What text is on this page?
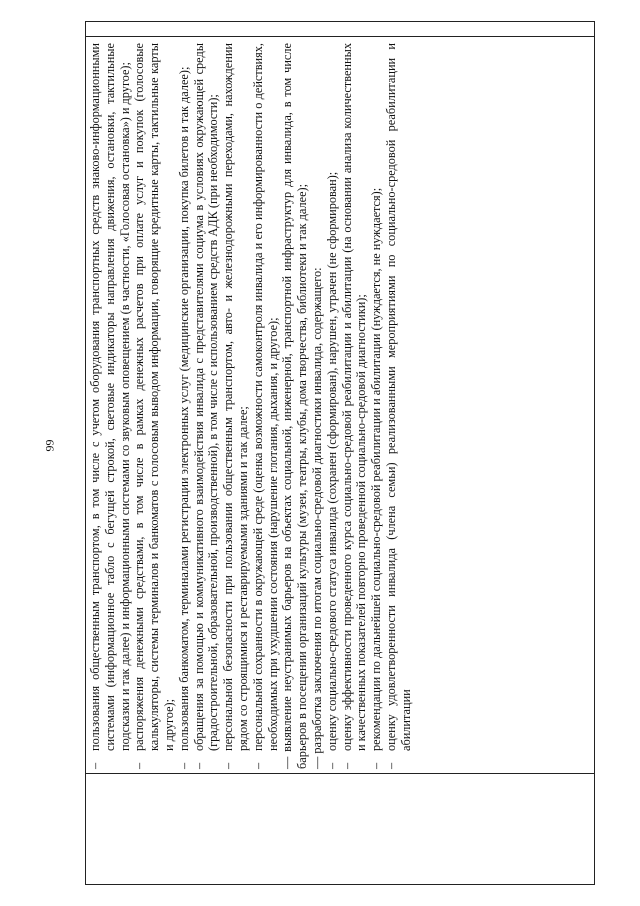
99

–
пользования общественным транспортом, в том числе с учетом оборудования транспортных средств знаково-информационными системами (информационное табло с бегущей строкой, световые индикаторы направления движения, остановки, тактильные подсказки и так далее) и информационными системами со звуковым оповещением (в частности, «Голосовая остановка») и другое);
–
распоряжения денежными средствами, в том числе в рамках денежных расчетов при оплате услуг и покупок (голосовые калькуляторы, системы терминалов и банкоматов с голосовым выводом информации, говорящие кредитные карты, тактильные карты и другое);
–
пользования банкоматом, терминалами регистрации электронных услуг (медицинские организации, покупка билетов и так далее);
–
обращения за помощью и коммуникативного взаимодействия инвалида с представителями социума в условиях окружающей среды (градостроительной, образовательной, производственной), в том числе с использованием средств АДК (при необходимости);
–
персональной безопасности при пользовании общественным транспортом, авто- и железнодорожными переходами, нахождении рядом со строящимися и реставрируемыми зданиями и так далее;
–
персональной сохранности в окружающей среде (оценка возможности самоконтроля инвалида и его информированности о действиях, необходимых при ухудшении состояния (нарушение глотания, дыхания, и другое); — выявление неустранимых барьеров на объектах социальной, инженерной, транспортной инфраструктур для инвалида, в том числе барьеров в посещении организаций культуры (музеи, театры, клубы, дома творчества, библиотеки и так далее); — разработка заключения по итогам социально-средовой диагностики инвалида, содержащего:
–
оценку социально-средового статуса инвалида (сохранен (сформирован), нарушен, утрачен (не сформирован);
–
оценку эффективности проведенного курса социально-средовой реабилитации и абилитации (на основании анализа количественных и качественных показателей повторно проведенной социально-средовой диагностики);
–
рекомендации по дальнейшей социально-средовой реабилитации и абилитации (нуждается, не нуждается);
–
оценку удовлетворенности инвалида (члена семьи) реализованными мероприятиями по социально-средовой реабилитации и абилитации
